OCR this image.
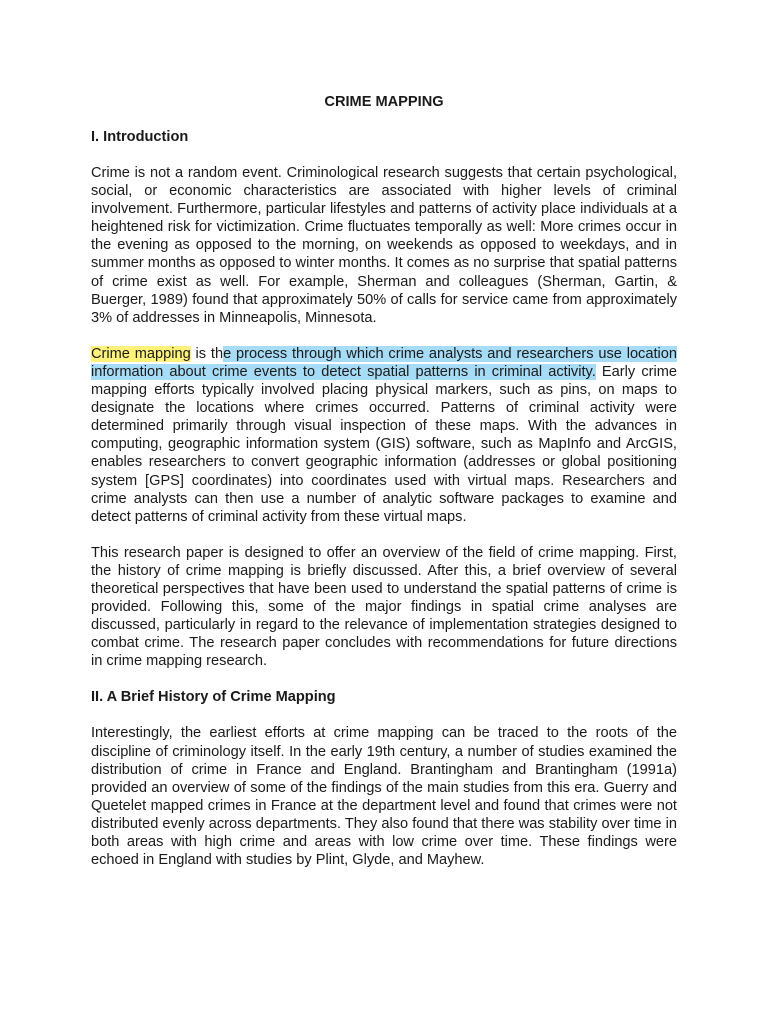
CRIME MAPPING
I. Introduction

Crime is not a random event. Criminological research suggests that certain psychological, social, or economic characteristics are associated with higher levels of criminal involvement. Furthermore, particular lifestyles and patterns of activity place individuals at a heightened risk for victimization. Crime fluctuates temporally as well: More crimes occur in the evening as opposed to the morning, on weekends as opposed to weekdays, and in summer months as opposed to winter months. It comes as no surprise that spatial patterns of crime exist as well. For example, Sherman and colleagues (Sherman, Gartin, & Buerger, 1989) found that approximately 50% of calls for service came from approximately 3% of addresses in Minneapolis, Minnesota.

Crime mapping is the process through which crime analysts and researchers use location information about crime events to detect spatial patterns in criminal activity. Early crime mapping efforts typically involved placing physical markers, such as pins, on maps to designate the locations where crimes occurred. Patterns of criminal activity were determined primarily through visual inspection of these maps. With the advances in computing, geographic information system (GIS) software, such as MapInfo and ArcGIS, enables researchers to convert geographic information (addresses or global positioning system [GPS] coordinates) into coordinates used with virtual maps. Researchers and crime analysts can then use a number of analytic software packages to examine and detect patterns of criminal activity from these virtual maps.

This research paper is designed to offer an overview of the field of crime mapping. First, the history of crime mapping is briefly discussed. After this, a brief overview of several theoretical perspectives that have been used to understand the spatial patterns of crime is provided. Following this, some of the major findings in spatial crime analyses are discussed, particularly in regard to the relevance of implementation strategies designed to combat crime. The research paper concludes with recommendations for future directions in crime mapping research.

II. A Brief History of Crime Mapping

Interestingly, the earliest efforts at crime mapping can be traced to the roots of the discipline of criminology itself. In the early 19th century, a number of studies examined the distribution of crime in France and England. Brantingham and Brantingham (1991a) provided an overview of some of the findings of the main studies from this era. Guerry and Quetelet mapped crimes in France at the department level and found that crimes were not distributed evenly across departments. They also found that there was stability over time in both areas with high crime and areas with low crime over time. These findings were echoed in England with studies by Plint, Glyde, and Mayhew.
